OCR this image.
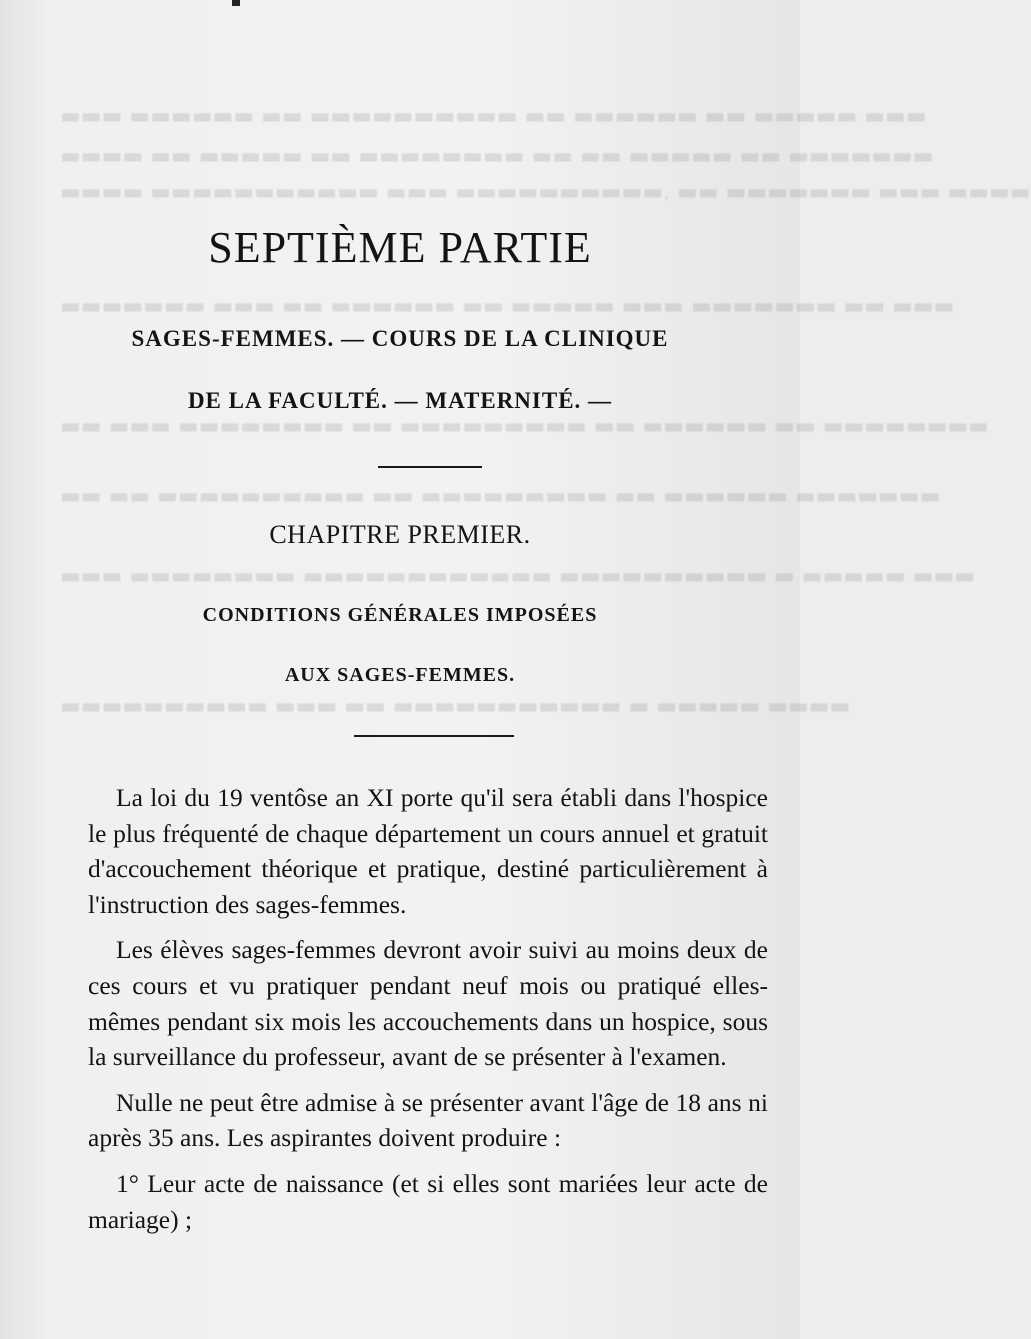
▬▬▬ ▬▬▬▬▬▬ ▬▬ ▬▬▬▬▬▬▬▬▬▬ ▬▬ ▬▬▬▬▬▬ ▬▬ ▬▬▬▬▬ ▬▬▬
▬▬▬▬ ▬▬ ▬▬▬▬▬ ▬▬ ▬▬▬▬▬▬▬▬ ▬▬ ▬▬ ▬▬▬▬▬ ▬▬ ▬▬▬▬▬▬▬
▬▬▬▬ ▬▬▬▬▬▬▬▬▬▬▬ ▬▬▬ ▬▬▬▬▬▬▬▬▬▬. ▬▬ ▬▬▬▬▬▬▬ ▬▬▬ ▬▬▬▬
▬▬▬▬▬▬▬ ▬▬▬ ▬▬ ▬▬▬▬▬▬ ▬▬ ▬▬▬▬▬ ▬▬▬ ▬▬▬▬▬▬▬ ▬▬ ▬▬▬
▬▬ ▬▬▬ ▬▬▬▬▬▬▬▬ ▬▬ ▬▬▬▬▬▬▬▬▬ ▬▬ ▬▬▬▬▬▬ ▬▬ ▬▬▬▬▬▬▬▬
▬▬ ▬▬ ▬▬▬▬▬▬▬▬▬▬ ▬▬ ▬▬▬▬▬▬▬▬▬ ▬▬ ▬▬▬▬▬▬ ▬▬▬▬▬▬▬
▬▬▬ ▬▬▬▬▬▬▬▬ ▬▬▬▬▬▬▬▬▬▬▬▬ ▬▬▬▬▬▬▬▬▬▬ ▬ ▬▬▬▬▬ ▬▬▬
▬▬▬▬▬▬▬▬▬▬ ▬▬▬ ▬▬ ▬▬▬▬▬▬▬▬▬▬▬ ▬ ▬▬▬▬▬ ▬▬▬▬
SEPTIÈME PARTIE
SAGES-FEMMES. — COURS DE LA CLINIQUE
DE LA FACULTÉ. — MATERNITÉ. —
CHAPITRE PREMIER.
CONDITIONS GÉNÉRALES IMPOSÉES
AUX SAGES-FEMMES.

La loi du 19 ventôse an XI porte qu'il sera établi dans l'hospice le plus fréquenté de chaque département un cours annuel et gratuit d'accouchement théorique et pratique, destiné particulièrement à l'instruction des sages-femmes.

Les élèves sages-femmes devront avoir suivi au moins deux de ces cours et vu pratiquer pendant neuf mois ou pratiqué elles-mêmes pendant six mois les accouchements dans un hospice, sous la surveillance du professeur, avant de se présenter à l'examen.

Nulle ne peut être admise à se présenter avant l'âge de 18 ans ni après 35 ans. Les aspirantes doivent produire :

1° Leur acte de naissance (et si elles sont mariées leur acte de mariage) ;
